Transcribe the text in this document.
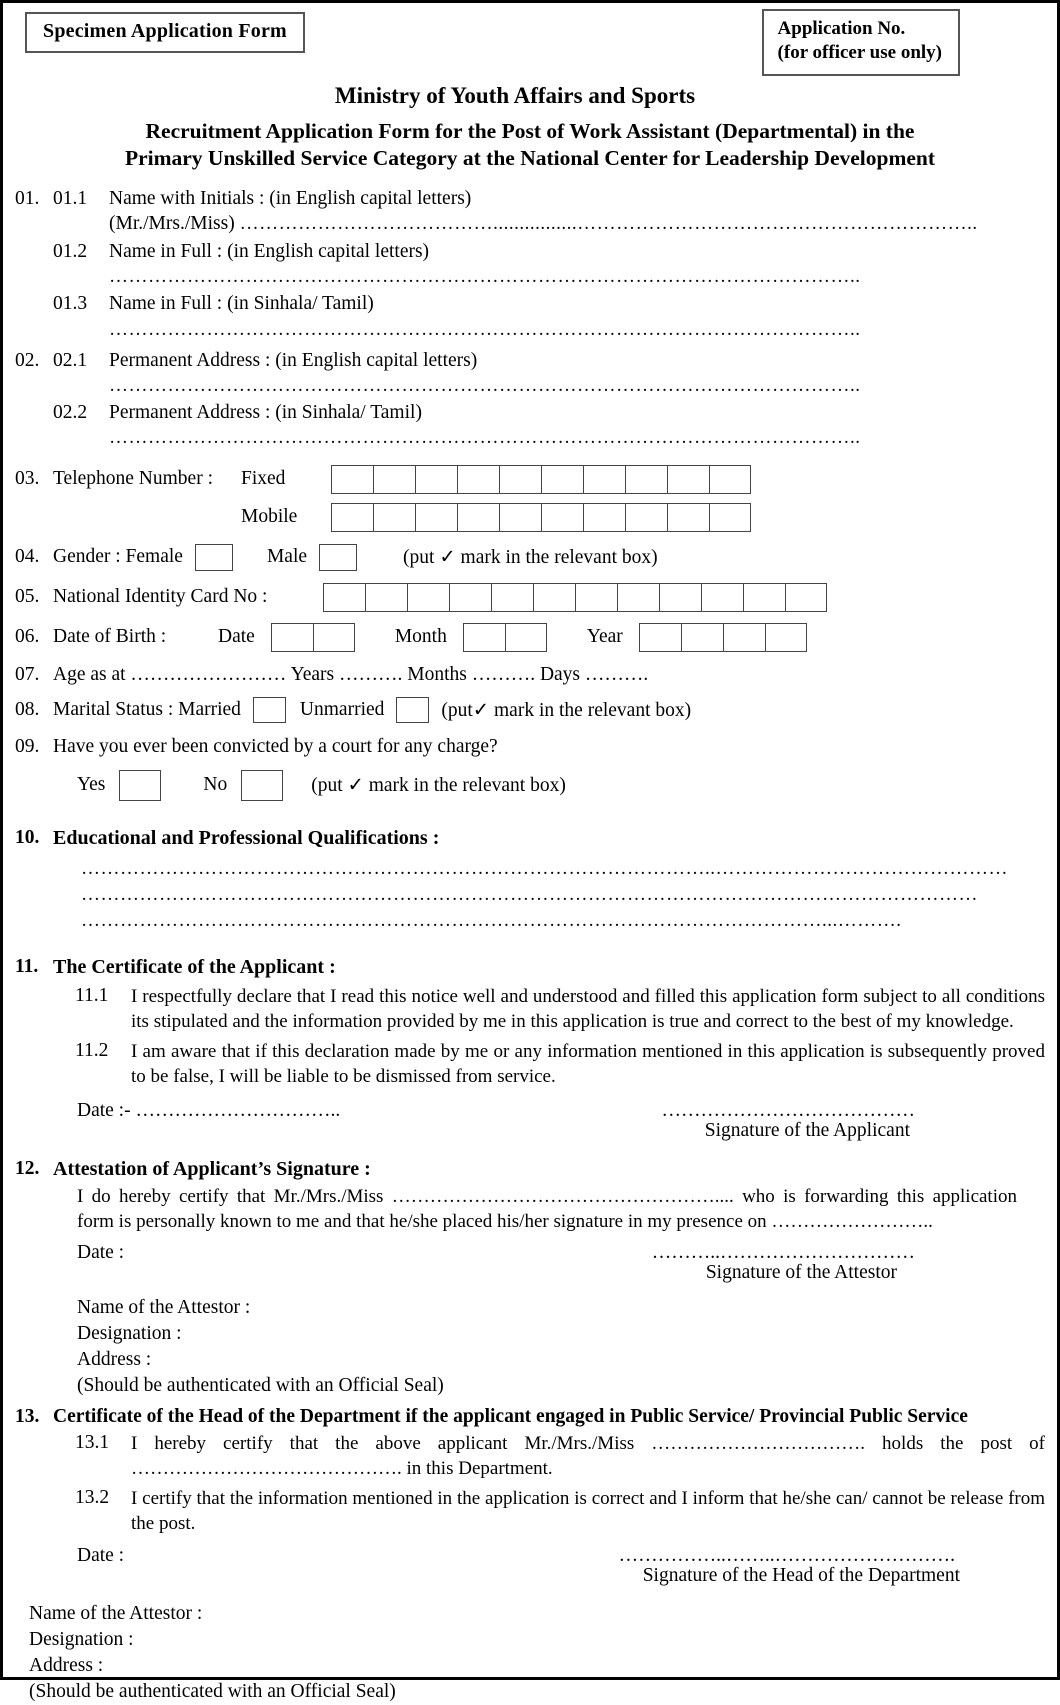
Specimen Application Form	Application No.
(for officer use only)
Ministry of Youth Affairs and Sports
Recruitment Application Form for the Post of Work Assistant (Departmental) in the
Primary Unskilled Service Category at the National Center for Leadership Development
01. 01.1	Name with Initials : (in English capital letters)
(Mr./Mrs./Miss) …………………………………................……………………………………………………..
01.2	Name in Full : (in English capital letters)
……………………………………………………………………………………………………..
01.3	Name in Full : (in Sinhala/ Tamil)
……………………………………………………………………………………………………..
02. 02.1	Permanent Address : (in English capital letters)
……………………………………………………………………………………………………..
02.2	Permanent Address : (in Sinhala/ Tamil)
……………………………………………………………………………………………………..
03. Telephone Number : Fixed
Mobile
04. Gender : Female	Male	(put ✓ mark in the relevant box)
05. National Identity Card No :
06. Date of Birth :	Date	Month	Year
07. Age as at …………………… Years ………. Months ………. Days ……….
08. Marital Status : Married	Unmarried	(put✓ mark in the relevant box)
09. Have you ever been convicted by a court for any charge?
Yes	No	(put ✓ mark in the relevant box)
10. Educational and Professional Qualifications :
……………………………………………………………………………………..………………………………………
…………………………………………………………………………………………………………………………
……………………………………………………………………………………………………...……….
11. The Certificate of the Applicant :
11.1	I respectfully declare that I read this notice well and understood and filled this application form subject to all conditions its stipulated and the information provided by me in this application is true and correct to the best of my knowledge.
11.2	I am aware that if this declaration made by me or any information mentioned in this application is subsequently proved to be false, I will be liable to be dismissed from service.
Date :- …………………………..	…………………………………
Signature of the Applicant
12. Attestation of Applicant’s Signature :
I do hereby certify that Mr./Mrs./Miss …………………………………………….... who is forwarding this application form is personally known to me and that he/she placed his/her signature in my presence on ……………………..
Date :	………..…………………………
Signature of the Attestor
Name of the Attestor :
Designation :
Address :
(Should be authenticated with an Official Seal)
13. Certificate of the Head of the Department if the applicant engaged in Public Service/ Provincial Public Service
13.1	I hereby certify that the above applicant Mr./Mrs./Miss ……………………………. holds the post of ……………………………………. in this Department.
13.2	I certify that the information mentioned in the application is correct and I inform that he/she can/ cannot be release from the post.
Date :	……………..……..……………………….
Signature of the Head of the Department
Name of the Attestor :
Designation :
Address :
(Should be authenticated with an Official Seal)
